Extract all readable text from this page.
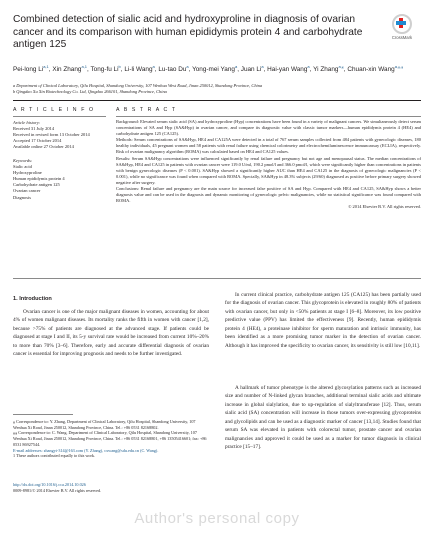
Combined detection of sialic acid and hydroxyproline in diagnosis of ovarian cancer and its comparison with human epididymis protein 4 and carbohydrate antigen 125
CrossMark
Pei-long Li$^{a,1}$, Xin Zhang$^{a,1}$, Tong-fu Li$^b$, Li-li Wang$^a$, Lu-tao Du$^a$, Yong-mei Yang$^a$, Juan Li$^a$, Hai-yan Wang$^a$, Yi Zhang$^{a,⁎}$, Chuan-xin Wang$^{a,⁎,⁎}$
a Department of Clinical Laboratory, Qilu Hospital, Shandong University, 107 Wenhua West Road, Jinan 250012, Shandong Province, China
b Qingdao Xu Xin Biotechnology Co. Ltd, Qingdao 266101, Shandong Province, China
A R T I C L E I N F O
Article history:
Received 31 July 2014
Received in revised form 13 October 2014
Accepted 17 October 2014
Available online 27 October 2014
Keywords:
Sialic acid
Hydroxyproline
Human epididymis protein 4
Carbohydrate antigen 125
Ovarian cancer
Diagnosis
A B S T R A C T
Background: Elevated serum sialic acid (SA) and hydroxyproline (Hyp) concentrations have been found in a variety of malignant cancers. We simultaneously detect serum concentrations of SA and Hyp (SA&Hyp) in ovarian cancer, and compare its diagnostic value with classic tumor markers—human epididymis protein 4 (HE4) and carbohydrate antigen 125 (CA125).
Methods: Serum concentrations of SA&Hyp, HE4 and CA125A were detected in a total of 767 serum samples collected from 484 patients with gynecologic diseases, 180 healthy individuals, 45 pregnant women and 58 patients with renal failure using chemical colorimetry and electrochemiluminescence immunoassay (ECLIA), respectively. Risk of ovarian malignancy algorithm (ROMA) was calculated based on HE4 and CA125 values.
Results: Serum SA&Hyp concentrations were influenced significantly by renal failure and pregnancy but not age and menopausal status. The median concentrations of SA&Hyp, HE4 and CA125 in patients with ovarian cancer were 119.0 U/ml, 190.2 pmol/l and 366.0 pmol/l, which were significantly higher than concentrations in patients with benign gynecologic diseases (P < 0.001). SA&Hyp showed a significantly higher AUC than HE4 and CA125 in the diagnosis of gynecologic malignancies (P < 0.001), while no significance was found when compared with ROMA. Specially, SA&Hyp in 48.3% subjects (29/60) diagnosed as positive before primary surgery showed negative after surgery.
Conclusions: Renal failure and pregnancy are the main source for increased false positive of SA and Hyp. Compared with HE4 and CA125, SA&Hyp shows a better diagnosis value and can be used in the diagnosis and dynamic monitoring of gynecologic pelvic malignancies, while no statistical significance was found compared with ROMA.
© 2014 Elsevier B.V. All rights reserved.
1. Introduction
Ovarian cancer is one of the major malignant diseases in women, accounting for about 4% of women malignant diseases. Its mortality ranks the fifth in women with cancer [1,2], because >75% of patients are diagnosed at the advanced stage. If patients could be diagnosed at stage I and II, its 5-y survival rate would be increased from current 10%–20% to more than 70% [3–6]. Therefore, early and accurate differential diagnosis of ovarian cancer is essential for improving prognosis and needs to be further investigated.
In current clinical practice, carbohydrate antigen 125 (CA125) has been partially used for the diagnosis of ovarian cancer. This glycoprotein is elevated in roughly 80% of patients with ovarian cancer, but only in <50% patients at stage I [6–8]. Moreover, its low positive predictive value (PPV) has limited the effectiveness [9]. Recently, human epididymis protein 4 (HE4), a proteinase inhibitor for sperm maturation and intrinsic immunity, has been identified as a more promising tumor marker in the detection of ovarian cancer. Although it has improved the specificity to ovarian cancer, its sensitivity is still low [10,11].
A hallmark of tumor phenotype is the altered glycosylation patterns such as increased size and number of N-linked glycan branches, additional terminal sialic acids and ultimate increase in global sialylation, due to up-regulation of sialyltransferase [12]. Thus, serum sialic acid (SA) concentration will increase in those tumors over-expressing glycoproteins and glycolipids and can be used as a diagnostic marker of cancer [13,14]. Studies found that serum SA was elevated in patients with colorectal tumor, prostate cancer and ovarian malignancies and approved it could be used as a marker for tumor diagnosis in clinical practice [15–17].
⁎ Correspondence to: Y. Zhang, Department of Clinical Laboratory, Qilu Hospital, Shandong University, 107 Wenhua Xi Road, Jinan 250012, Shandong Province, China. Tel.: +86 0531 82168802.
⁎⁎ Correspondence to: C. Wang, Department of Clinical Laboratory, Qilu Hospital, Shandong University, 107 Wenhua Xi Road, Jinan 250012, Shandong Province, China. Tel.: +86 0531 82168801, +86 13505416601; fax: +86 0531 86927544.
E-mail addresses: zhangyi-314@163.com (Y. Zhang), cxwang@sdu.edu.cn (C. Wang).
1 These authors contributed equally to this work.
http://dx.doi.org/10.1016/j.cca.2014.10.026
0009-8981/© 2014 Elsevier B.V. All rights reserved.
Author's personal copy
